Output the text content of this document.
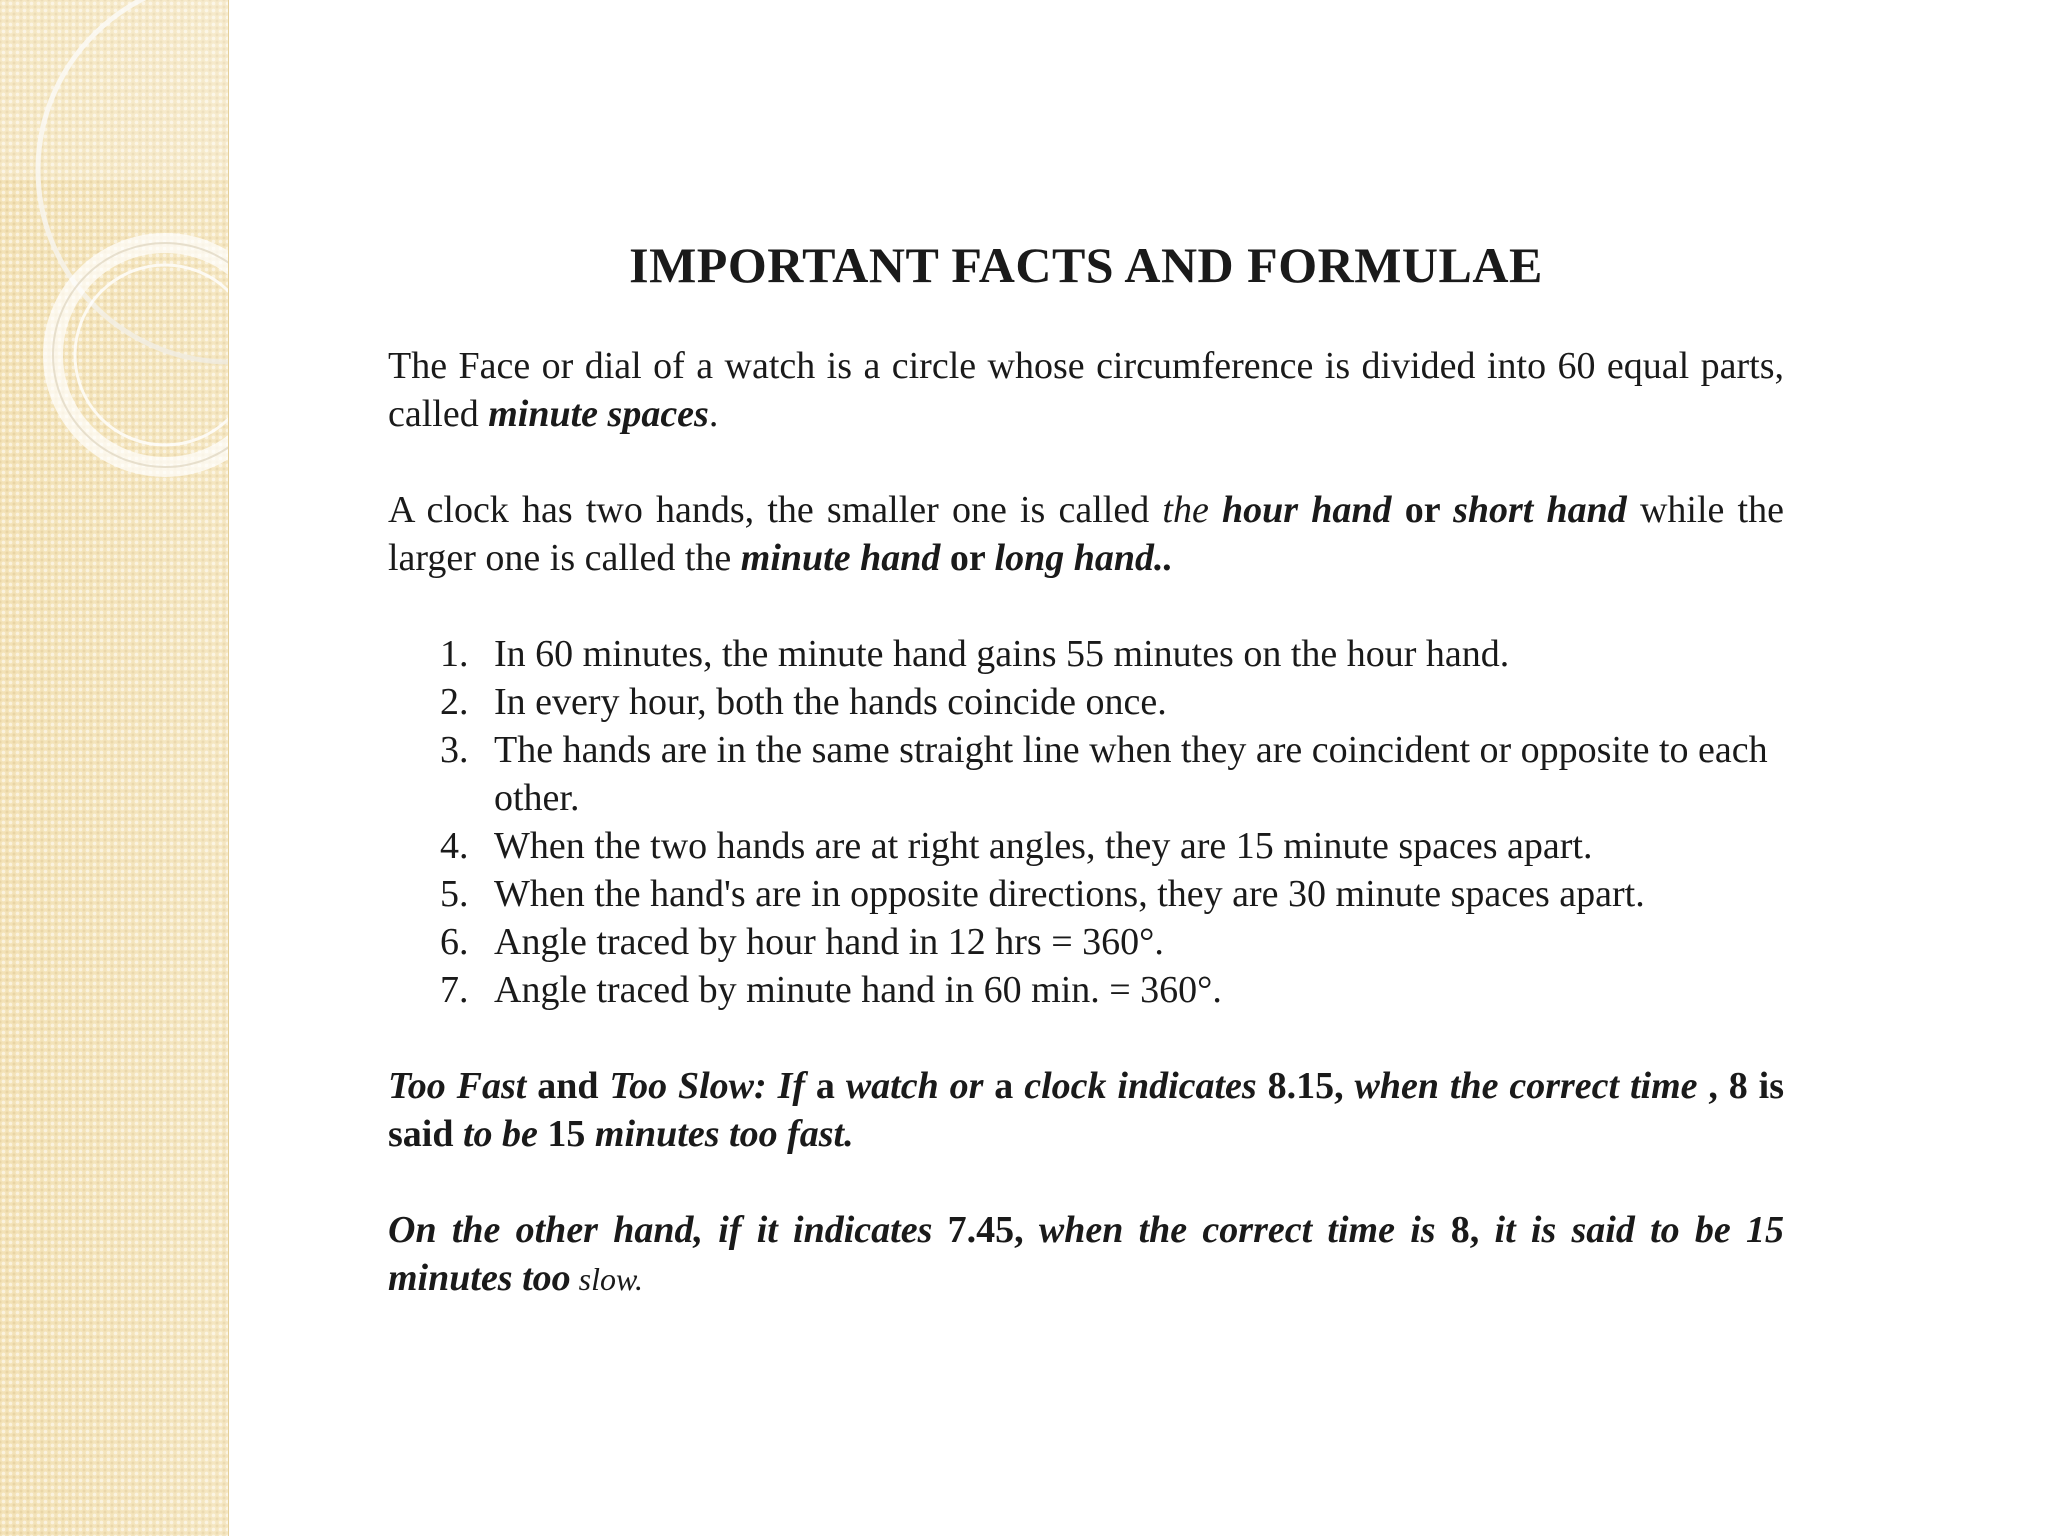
IMPORTANT FACTS AND FORMULAE

The Face or dial of a watch is a circle whose circumference is divided into 60 equal parts, called minute spaces.

A clock has two hands, the smaller one is called the hour hand or short hand while the larger one is called the minute hand or long hand..

1. In 60 minutes, the minute hand gains 55 minutes on the hour hand.
2. In every hour, both the hands coincide once.
3. The hands are in the same straight line when they are coincident or opposite to each other.
4. When the two hands are at right angles, they are 15 minute spaces apart.
5. When the hand's are in opposite directions, they are 30 minute spaces apart.
6. Angle traced by hour hand in 12 hrs = 360°.
7. Angle traced by minute hand in 60 min. = 360°.

Too Fast and Too Slow: If a watch or a clock indicates 8.15, when the correct time , 8 is said to be 15 minutes too fast.

On the other hand, if it indicates 7.45, when the correct time is 8, it is said to be 15 minutes too slow.
